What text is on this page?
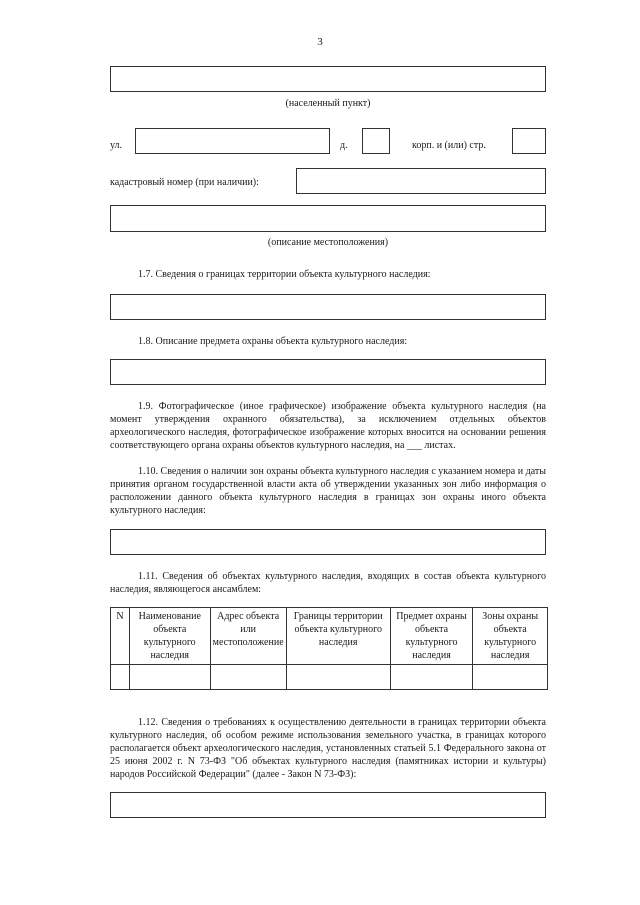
3
(населенный пункт)
ул.	д.	корп. и (или) стр.
кадастровый номер (при наличии):
(описание местоположения)

1.7. Сведения о границах территории объекта культурного наследия:

1.8. Описание предмета охраны объекта культурного наследия:

1.9. Фотографическое (иное графическое) изображение объекта культурного наследия (на момент утверждения охранного обязательства), за исключением отдельных объектов археологического наследия, фотографическое изображение которых вносится на основании решения соответствующего органа охраны объектов культурного наследия, на ___ листах.

1.10. Сведения о наличии зон охраны объекта культурного наследия с указанием номера и даты принятия органом государственной власти акта об утверждении указанных зон либо информация о расположении данного объекта культурного наследия в границах зон охраны иного объекта культурного наследия:

1.11. Сведения об объектах культурного наследия, входящих в состав объекта культурного наследия, являющегося ансамблем:

N	Наименование объекта культурного наследия	Адрес объекта или местоположение	Границы территории объекта культурного наследия	Предмет охраны объекта культурного наследия	Зоны охраны объекта культурного наследия

1.12. Сведения о требованиях к осуществлению деятельности в границах территории объекта культурного наследия, об особом режиме использования земельного участка, в границах которого располагается объект археологического наследия, установленных статьей 5.1 Федерального закона от 25 июня 2002 г. N 73-ФЗ "Об объектах культурного наследия (памятниках истории и культуры) народов Российской Федерации" (далее - Закон N 73-ФЗ):
